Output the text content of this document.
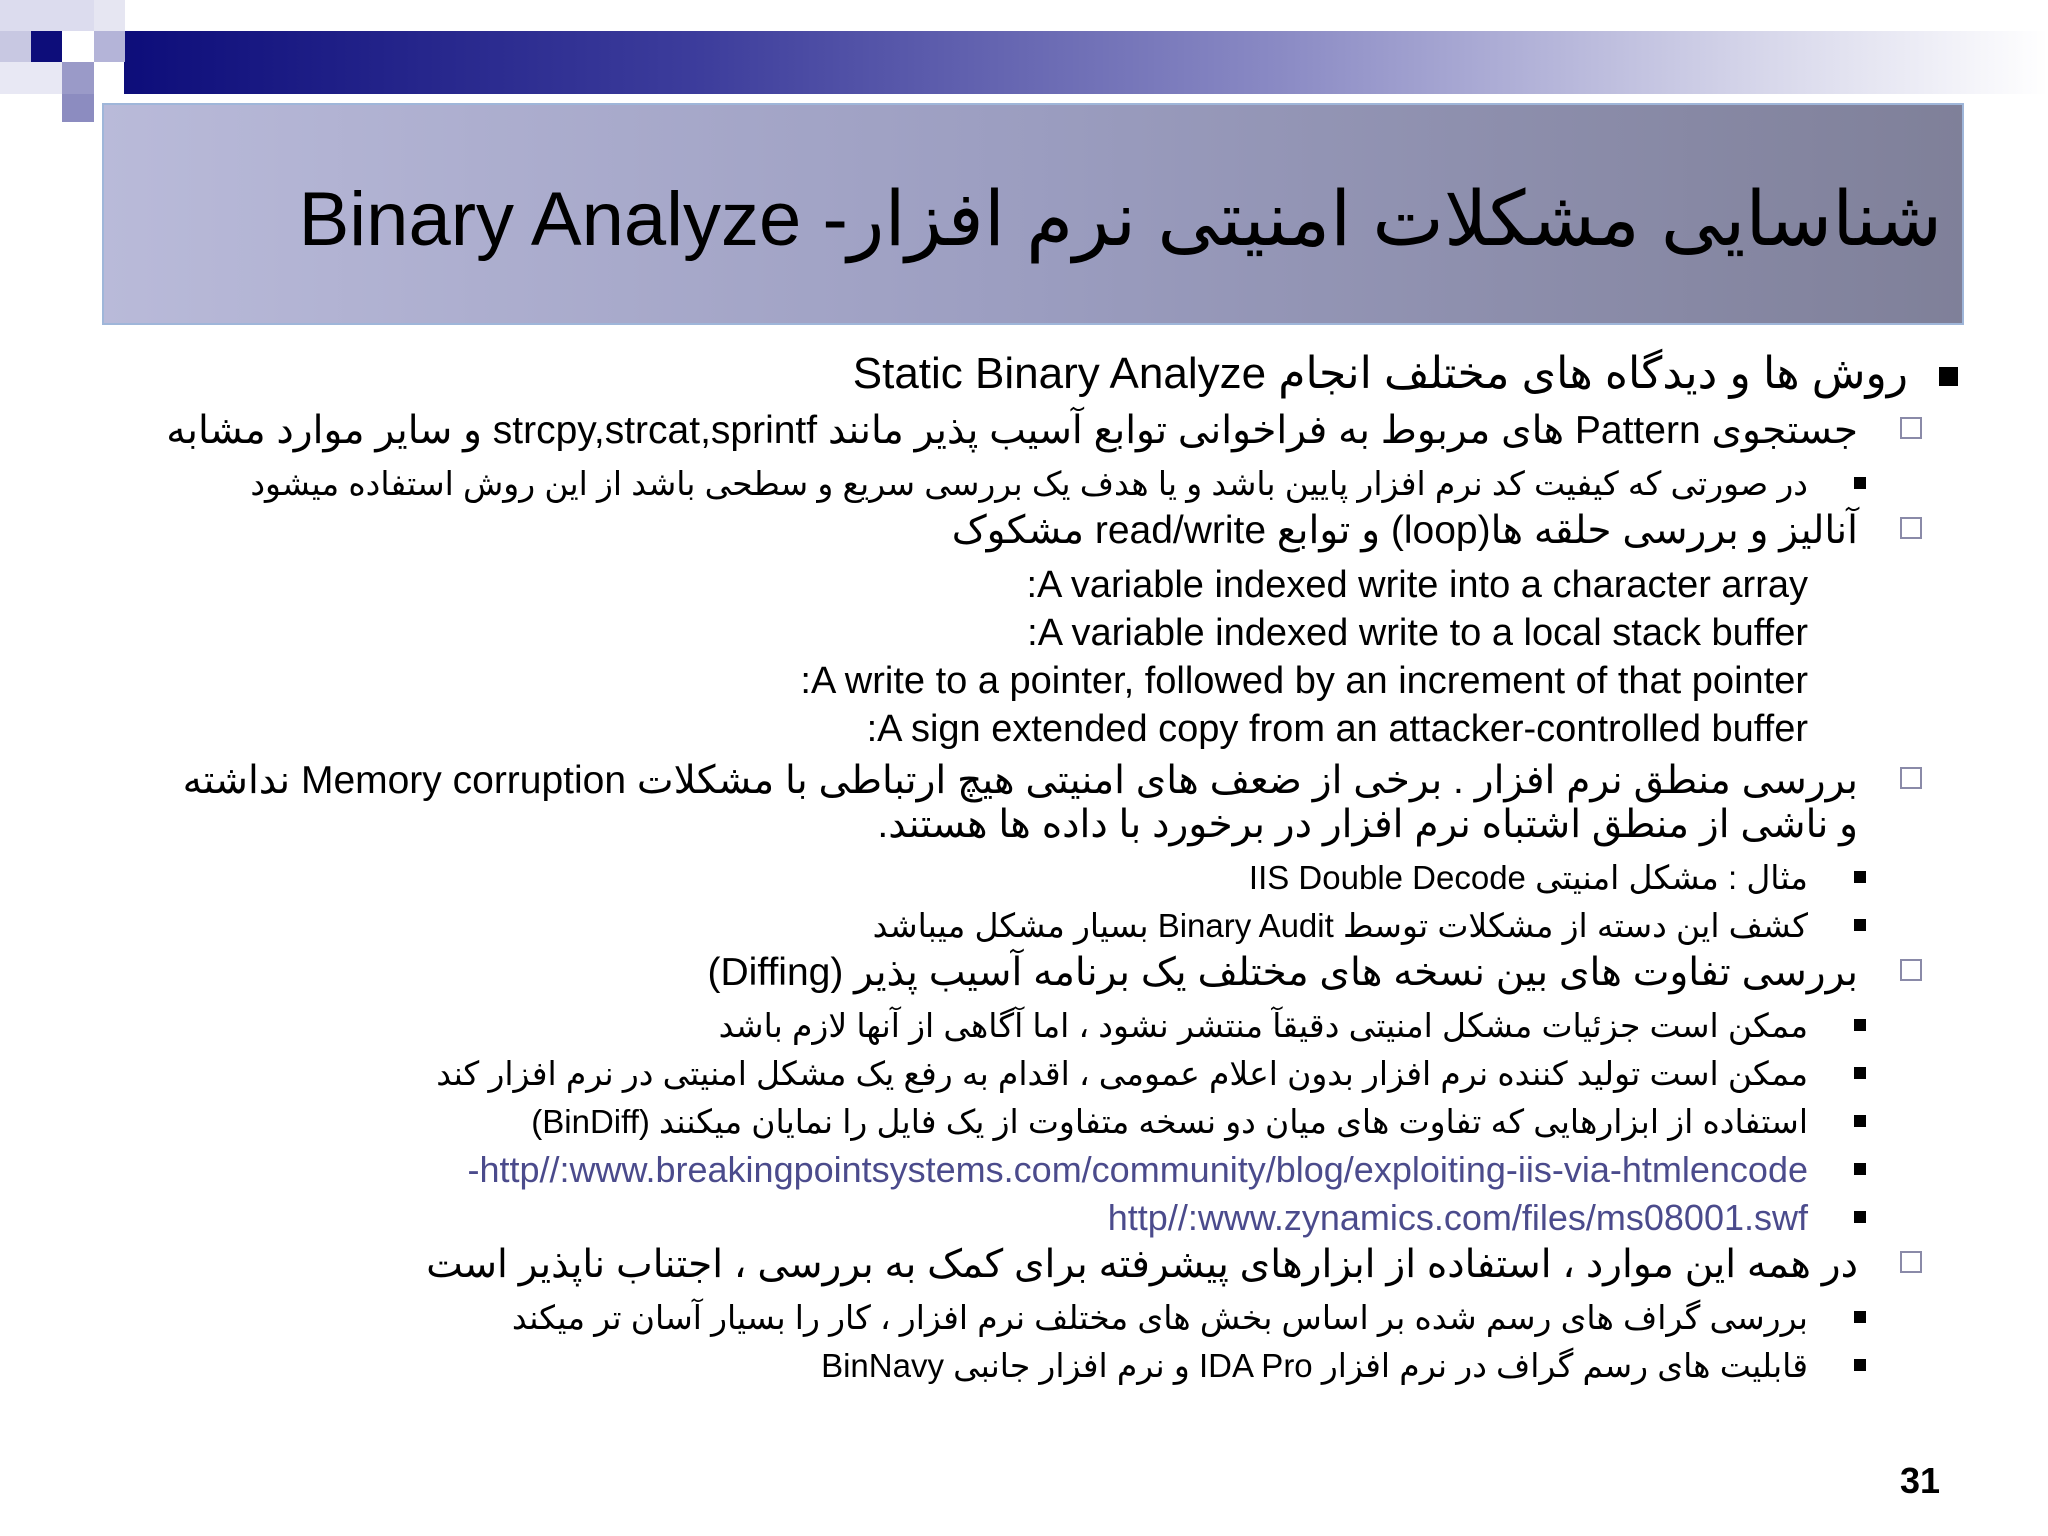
شناسایی مشکلات امنیتی نرم افزار- Binary Analyze
روش ها و دیدگاه های مختلف انجام Static Binary Analyze
جستجوی Pattern های مربوط به فراخوانی توابع آسیب پذیر مانند strcpy,strcat,sprintf و سایر موارد مشابه
در صورتی که کیفیت کد نرم افزار پایین باشد و یا هدف یک بررسی سریع و سطحی باشد از این روش استفاده میشود
آنالیز و بررسی حلقه ها(loop) و توابع read/write مشکوک
A variable indexed write into a character array:
A variable indexed write to a local stack buffer:
A write to a pointer, followed by an increment of that pointer:
A sign extended copy from an attacker-controlled buffer:
بررسی منطق نرم افزار . برخی از ضعف های امنیتی هیچ ارتباطی با مشکلات Memory corruption نداشته و ناشی از منطق اشتباه نرم افزار در برخورد با داده ها هستند.
مثال : مشکل امنیتی IIS Double Decode
کشف این دسته از مشکلات توسط Binary Audit بسیار مشکل میباشد
بررسی تفاوت های بین نسخه های مختلف یک برنامه آسیب پذیر (Diffing)
ممکن است جزئیات مشکل امنیتی دقیقآ منتشر نشود ، اما آگاهی از آنها لازم باشد
ممکن است تولید کننده نرم افزار بدون اعلام عمومی ، اقدام به رفع یک مشکل امنیتی در نرم افزار کند
استفاده از ابزارهایی که تفاوت های میان دو نسخه متفاوت از یک فایل را نمایان میکنند (BinDiff)
http//:www.breakingpointsystems.com/community/blog/exploiting-iis-via-htmlencode-
http//:www.zynamics.com/files/ms08001.swf
در همه این موارد ، استفاده از ابزارهای پیشرفته برای کمک به بررسی ، اجتناب ناپذیر است
بررسی گراف های رسم شده بر اساس بخش های مختلف نرم افزار ، کار را بسیار آسان تر میکند
قابلیت های رسم گراف در نرم افزار IDA Pro و نرم افزار جانبی BinNavy
31
